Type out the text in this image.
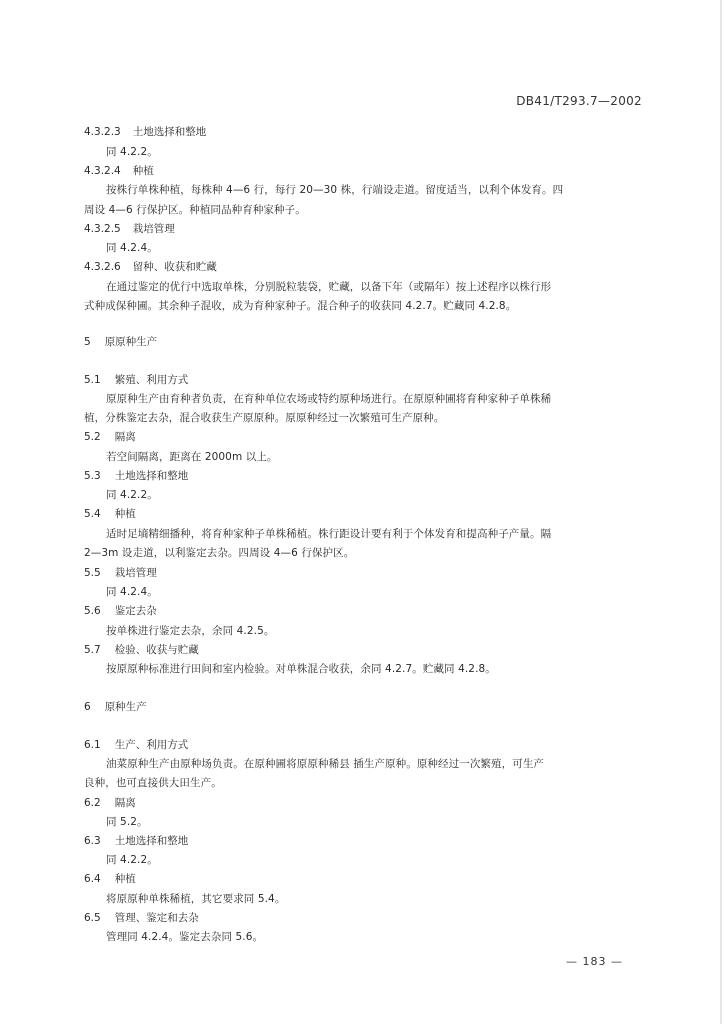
DB41/T293.7—2002
4.3.2.3 土地选择和整地
同 4.2.2。
4.3.2.4 种植
按株行单株种植，每株种 4—6 行，每行 20—30 株，行端设走道。留度适当，以利个体发育。四
周设 4—6 行保护区。种植同品种育种家种子。
4.3.2.5 栽培管理
同 4.2.4。
4.3.2.6 留种、收获和贮藏
在通过鉴定的优行中选取单株，分别脱粒装袋，贮藏，以备下年（或隔年）按上述程序以株行形
式种成保种圃。其余种子混收，成为育种家种子。混合种子的收获同 4.2.7。贮藏同 4.2.8。
5 原原种生产
5.1 繁殖、利用方式
原原种生产由育种者负责，在育种单位农场或特约原种场进行。在原原种圃将育种家种子单株稀
植，分株鉴定去杂，混合收获生产原原种。原原种经过一次繁殖可生产原种。
5.2 隔离
若空间隔离，距离在 2000m 以上。
5.3 土地选择和整地
同 4.2.2。
5.4 种植
适时足墒精细播种，将育种家种子单株稀植。株行距设计要有利于个体发育和提高种子产量。隔
2—3m 设走道，以利鉴定去杂。四周设 4—6 行保护区。
5.5 栽培管理
同 4.2.4。
5.6 鉴定去杂
按单株进行鉴定去杂，余同 4.2.5。
5.7 检验、收获与贮藏
按原原种标准进行田间和室内检验。对单株混合收获，余同 4.2.7。贮藏同 4.2.8。
6 原种生产
6.1 生产、利用方式
油菜原种生产由原种场负责。在原种圃将原原种稀县 插生产原种。原种经过一次繁殖，可生产
良种，也可直接供大田生产。
6.2 隔离
同 5.2。
6.3 土地选择和整地
同 4.2.2。
6.4 种植
将原原种单株稀植，其它要求同 5.4。
6.5 管理、鉴定和去杂
管理同 4.2.4。鉴定去杂同 5.6。
— 183 —
